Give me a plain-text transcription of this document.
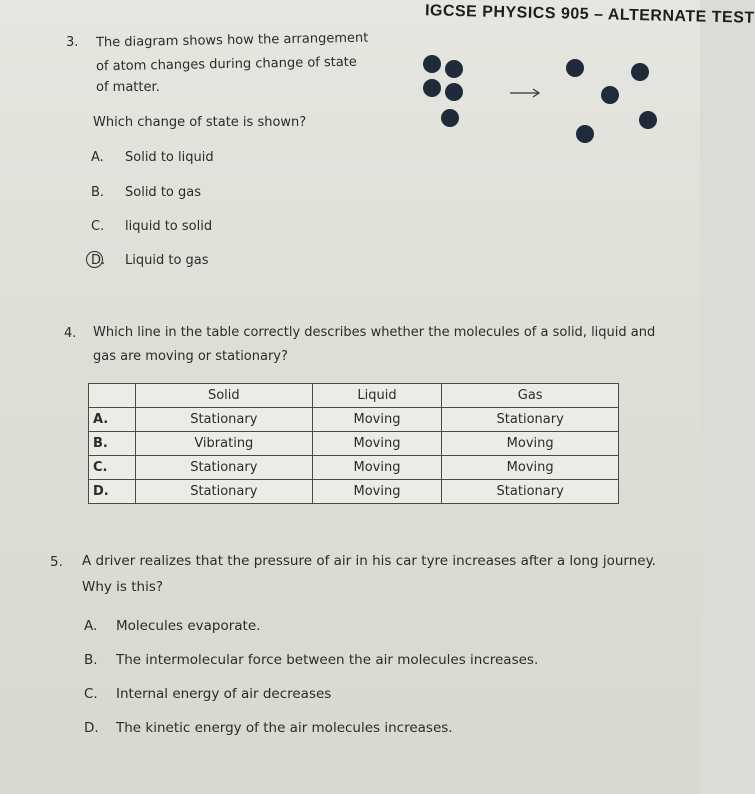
IGCSE PHYSICS 905 – ALTERNATE TEST
3. The diagram shows how the arrangement
of atom changes during change of state
of matter.
Which change of state is shown?
A. Solid to liquid
B. Solid to gas
C. liquid to solid
D. Liquid to gas
4. Which line in the table correctly describes whether the molecules of a solid, liquid and
gas are moving or stationary?
	Solid	Liquid	Gas
A.	Stationary	Moving	Stationary
B.	Vibrating	Moving	Moving
C.	Stationary	Moving	Moving
D.	Stationary	Moving	Stationary
5. A driver realizes that the pressure of air in his car tyre increases after a long journey.
Why is this?
A. Molecules evaporate.
B. The intermolecular force between the air molecules increases.
C. Internal energy of air decreases
D. The kinetic energy of the air molecules increases.
